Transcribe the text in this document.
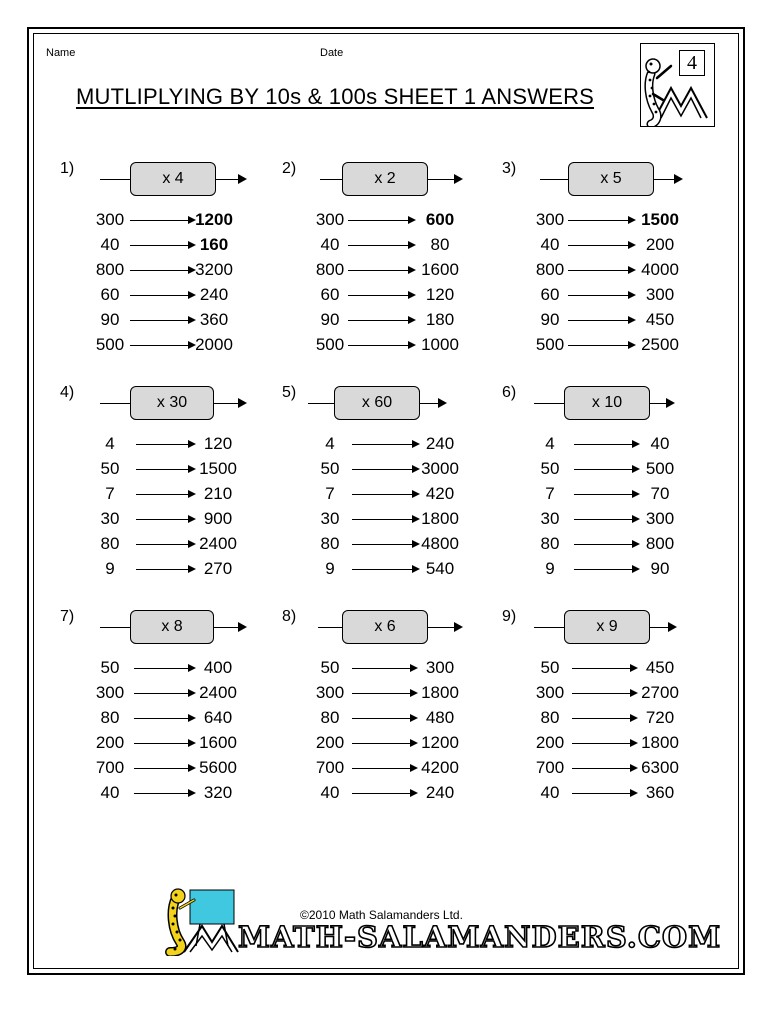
Name	Date
MUTLIPLYING BY 10s & 100s SHEET 1 ANSWERS
4
1)
x 4
300	1200
40	160
800	3200
60	240
90	360
500	2000
2)
x 2
300	600
40	80
800	1600
60	120
90	180
500	1000
3)
x 5
300	1500
40	200
800	4000
60	300
90	450
500	2500
4)
x 30
4	120
50	1500
7	210
30	900
80	2400
9	270
5)
x 60
4	240
50	3000
7	420
30	1800
80	4800
9	540
6)
x 10
4	40
50	500
7	70
30	300
80	800
9	90
7)
x 8
50	400
300	2400
80	640
200	1600
700	5600
40	320
8)
x 6
50	300
300	1800
80	480
200	1200
700	4200
40	240
9)
x 9
50	450
300	2700
80	720
200	1800
700	6300
40	360
©2010 Math Salamanders Ltd.
MATH-SALAMANDERS.COM
